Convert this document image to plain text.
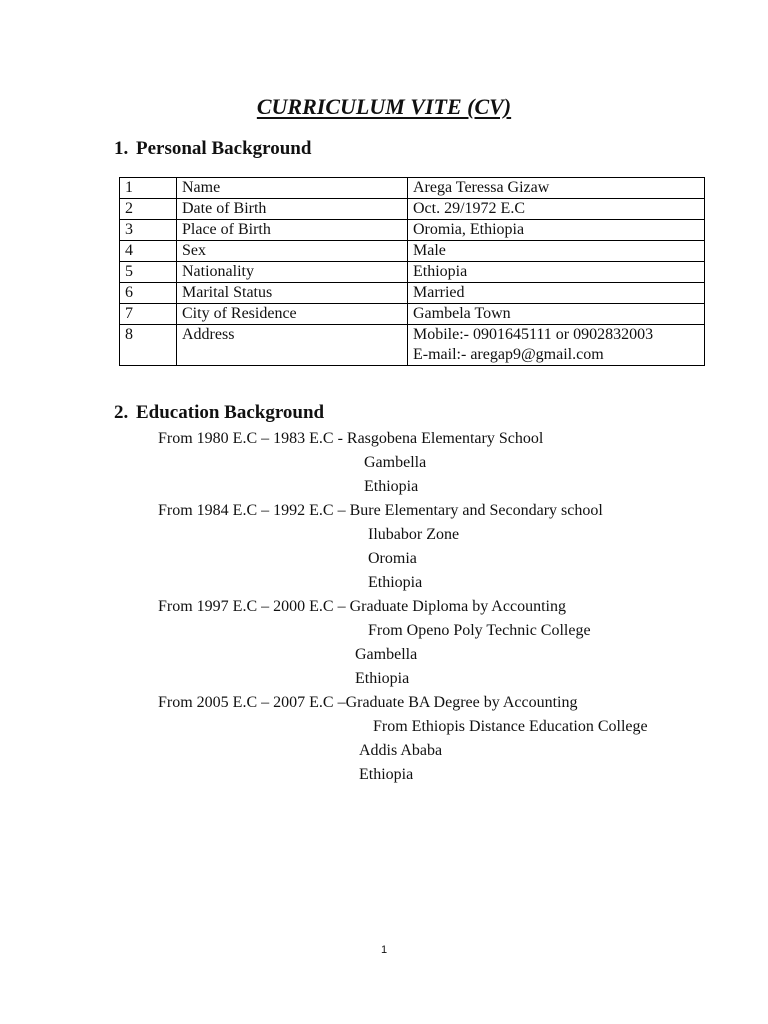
CURRICULUM VITE (CV)
1. Personal Background
1	Name	Arega Teressa Gizaw

2	Date of Birth	Oct. 29/1972 E.C

3	Place of Birth	Oromia, Ethiopia

4	Sex	Male

5	Nationality	Ethiopia

6	Marital Status	Married

7	City of Residence	Gambela Town

8	Address	Mobile:- 0901645111 or 0902832003
E-mail:- aregap9@gmail.com
2. Education Background
From 1980 E.C – 1983 E.C - Rasgobena Elementary School
Gambella
Ethiopia
From 1984 E.C – 1992 E.C – Bure Elementary and Secondary school
Ilubabor Zone
Oromia
Ethiopia
From 1997 E.C – 2000 E.C – Graduate Diploma by Accounting
From Openo Poly Technic College
Gambella
Ethiopia
From 2005 E.C – 2007 E.C –Graduate BA Degree by Accounting
From Ethiopis Distance Education College
Addis Ababa
Ethiopia
1
